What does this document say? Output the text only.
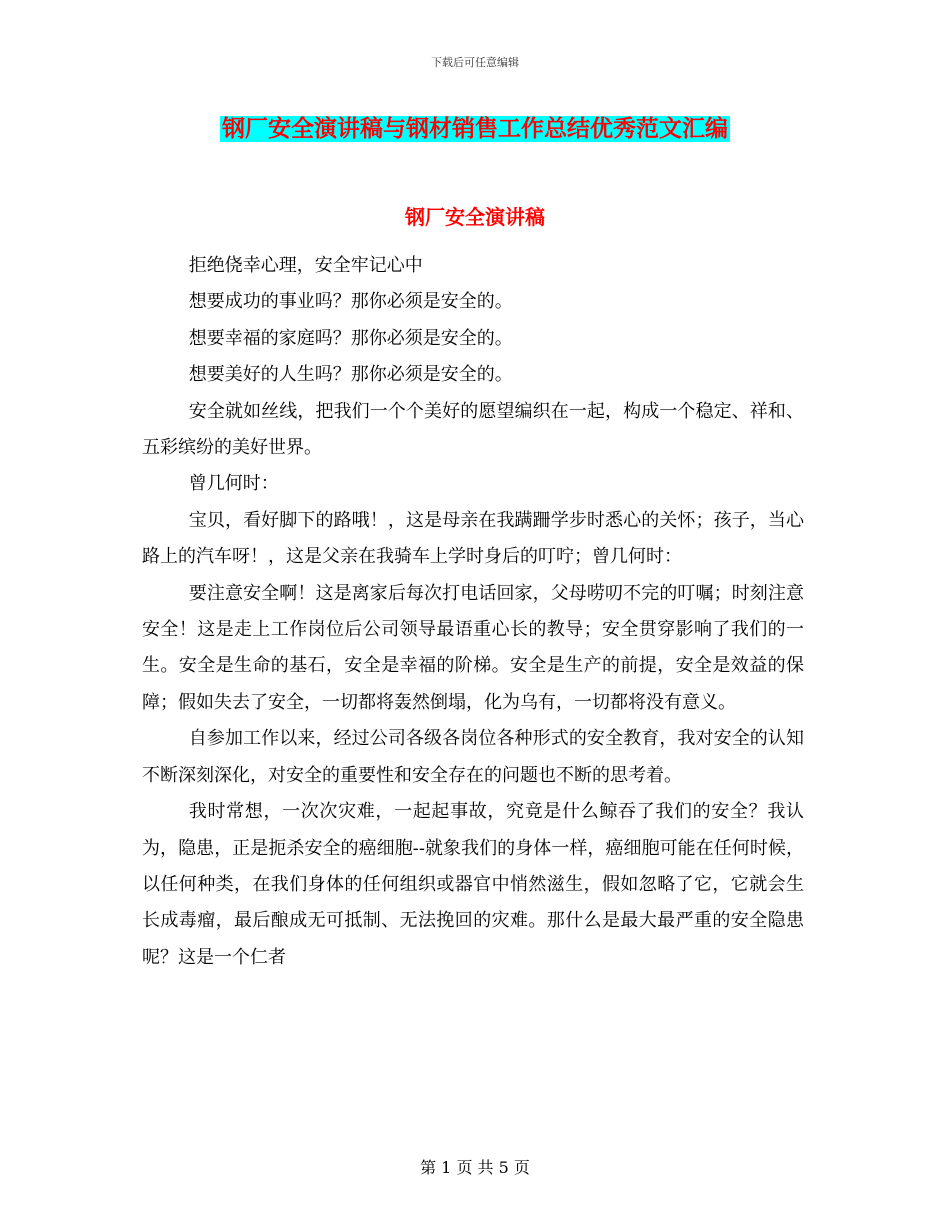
下载后可任意编辑
钢厂安全演讲稿与钢材销售工作总结优秀范文汇编
钢厂安全演讲稿

拒绝侥幸心理，安全牢记心中

想要成功的事业吗？那你必须是安全的。

想要幸福的家庭吗？那你必须是安全的。

想要美好的人生吗？那你必须是安全的。

安全就如丝线，把我们一个个美好的愿望编织在一起，构成一个稳定、祥和、五彩缤纷的美好世界。

曾几何时：

宝贝，看好脚下的路哦！，这是母亲在我蹒跚学步时悉心的关怀；孩子，当心路上的汽车呀！，这是父亲在我骑车上学时身后的叮咛；曾几何时：

要注意安全啊！这是离家后每次打电话回家，父母唠叨不完的叮嘱；时刻注意安全！这是走上工作岗位后公司领导最语重心长的教导；安全贯穿影响了我们的一生。安全是生命的基石，安全是幸福的阶梯。安全是生产的前提，安全是效益的保障；假如失去了安全，一切都将轰然倒塌，化为乌有，一切都将没有意义。

自参加工作以来，经过公司各级各岗位各种形式的安全教育，我对安全的认知不断深刻深化，对安全的重要性和安全存在的问题也不断的思考着。

我时常想，一次次灾难，一起起事故，究竟是什么鲸吞了我们的安全？我认为，隐患，正是扼杀安全的癌细胞--就象我们的身体一样，癌细胞可能在任何时候，以任何种类，在我们身体的任何组织或器官中悄然滋生，假如忽略了它，它就会生长成毒瘤，最后酿成无可抵制、无法挽回的灾难。那什么是最大最严重的安全隐患呢？这是一个仁者

第 1 页 共 5 页
